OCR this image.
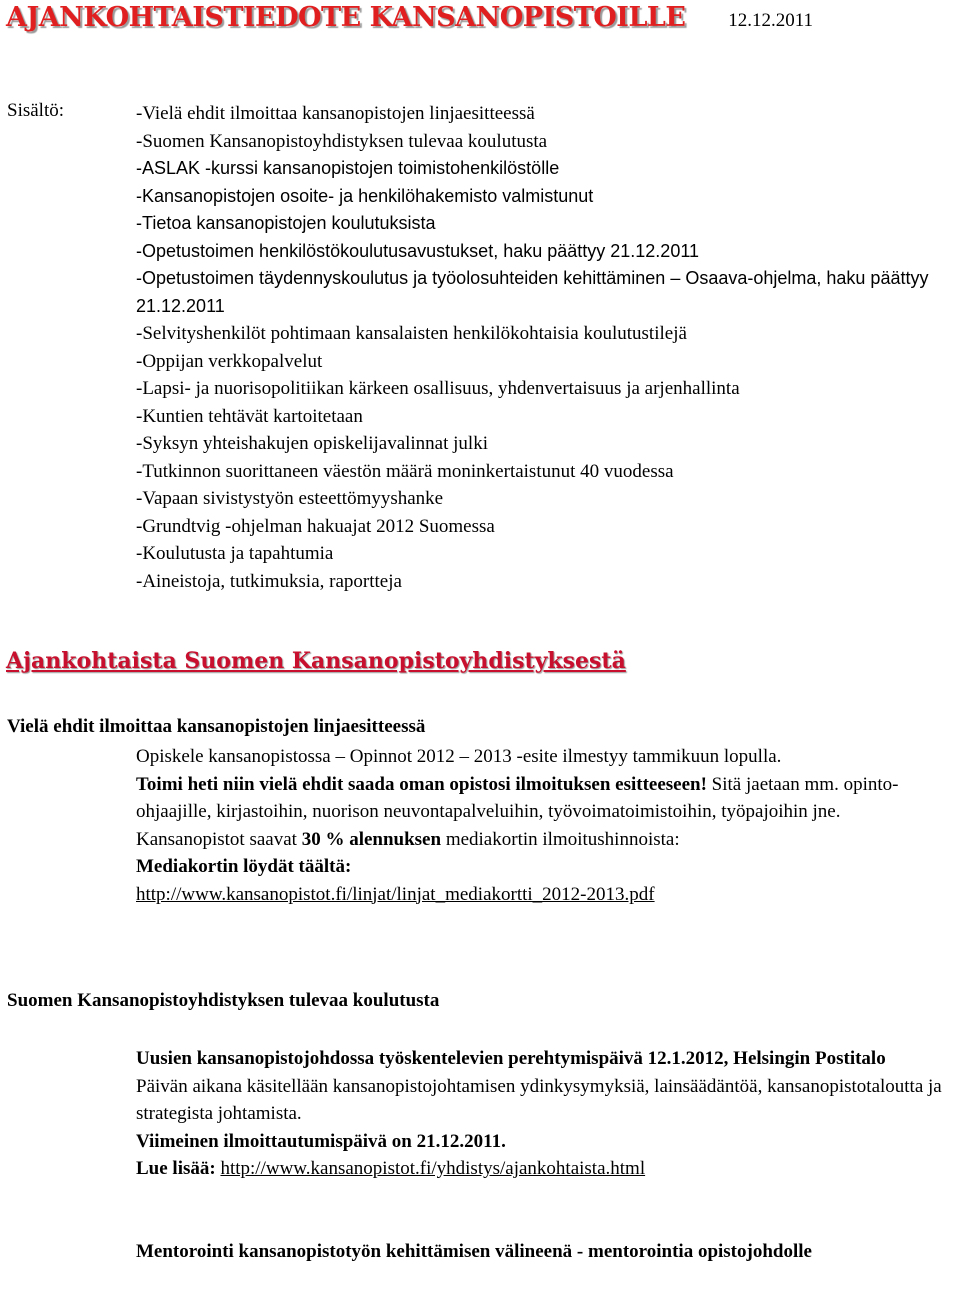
AJANKOHTAISTIEDOTE KANSANOPISTOILLE 12.12.2011
Sisältö:	-Vielä ehdit ilmoittaa kansanopistojen linjaesitteessä
-Suomen Kansanopistoyhdistyksen tulevaa koulutusta
-ASLAK -kurssi kansanopistojen toimistohenkilöstölle
-Kansanopistojen osoite- ja henkilöhakemisto valmistunut
-Tietoa kansanopistojen koulutuksista
-Opetustoimen henkilöstökoulutusavustukset, haku päättyy 21.12.2011
-Opetustoimen täydennyskoulutus ja työolosuhteiden kehittäminen – Osaava-ohjelma, haku päättyy 21.12.2011
-Selvityshenkilöt pohtimaan kansalaisten henkilökohtaisia koulutustilejä
-Oppijan verkkopalvelut
-Lapsi- ja nuorisopolitiikan kärkeen osallisuus, yhdenvertaisuus ja arjenhallinta
-Kuntien tehtävät kartoitetaan
-Syksyn yhteishakujen opiskelijavalinnat julki
-Tutkinnon suorittaneen väestön määrä moninkertaistunut 40 vuodessa
-Vapaan sivistystyön esteettömyyshanke
-Grundtvig -ohjelman hakuajat 2012 Suomessa
-Koulutusta ja tapahtumia
-Aineistoja, tutkimuksia, raportteja
Ajankohtaista Suomen Kansanopistoyhdistyksestä
Vielä ehdit ilmoittaa kansanopistojen linjaesitteessä

Opiskele kansanopistossa – Opinnot 2012 – 2013 -esite ilmestyy tammikuun lopulla.

Toimi heti niin vielä ehdit saada oman opistosi ilmoituksen esitteeseen! Sitä jaetaan mm. opinto-ohjaajille, kirjastoihin, nuorison neuvontapalveluihin, työvoimatoimistoihin, työpajoihin jne.

Kansanopistot saavat 30 % alennuksen mediakortin ilmoitushinnoista:

Mediakortin löydät täältä:

http://www.kansanopistot.fi/linjat/linjat_mediakortti_2012-2013.pdf

Suomen Kansanopistoyhdistyksen tulevaa koulutusta

Uusien kansanopistojohdossa työskentelevien perehtymispäivä 12.1.2012, Helsingin Postitalo

Päivän aikana käsitellään kansanopistojohtamisen ydinkysymyksiä, lainsäädäntöä, kansanopistotaloutta ja strategista johtamista.

Viimeinen ilmoittautumispäivä on 21.12.2011.

Lue lisää: http://www.kansanopistot.fi/yhdistys/ajankohtaista.html

Mentorointi kansanopistotyön kehittämisen välineenä - mentorointia opistojohdolle
